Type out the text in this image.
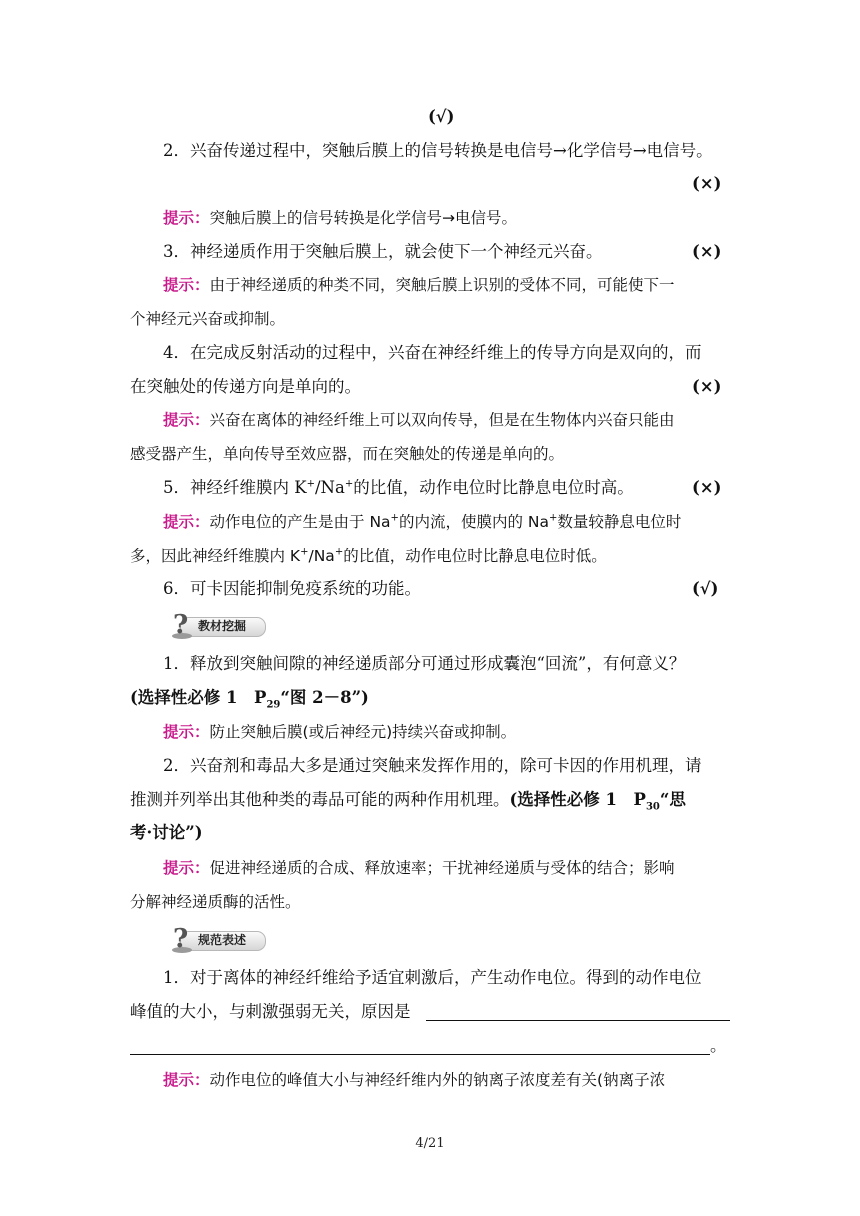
(√)
2．兴奋传递过程中，突触后膜上的信号转换是电信号→化学信号→电信号。
(×)
提示：突触后膜上的信号转换是化学信号→电信号。
3．神经递质作用于突触后膜上，就会使下一个神经元兴奋。	(×)
提示：由于神经递质的种类不同，突触后膜上识别的受体不同，可能使下一
个神经元兴奋或抑制。
4．在完成反射活动的过程中，兴奋在神经纤维上的传导方向是双向的，而
在突触处的传递方向是单向的。	(×)
提示：兴奋在离体的神经纤维上可以双向传导，但是在生物体内兴奋只能由
感受器产生，单向传导至效应器，而在突触处的传递是单向的。
5．神经纤维膜内 K+/Na+的比值，动作电位时比静息电位时高。	(×)
提示：动作电位的产生是由于 Na+的内流，使膜内的 Na+数量较静息电位时
多，因此神经纤维膜内 K+/Na+的比值，动作电位时比静息电位时低。
6．可卡因能抑制免疫系统的功能。	(√)
? 教材挖掘
1．释放到突触间隙的神经递质部分可通过形成囊泡“回流”，有何意义？
(选择性必修 1　$P_{29}“$图 2－8”)
提示：防止突触后膜(或后神经元)持续兴奋或抑制。
2．兴奋剂和毒品大多是通过突触来发挥作用的，除可卡因的作用机理，请
推测并列举出其他种类的毒品可能的两种作用机理。(选择性必修 1　$P_{30}“$思
考·讨论”)
提示：促进神经递质的合成、释放速率；干扰神经递质与受体的结合；影响
分解神经递质酶的活性。
? 规范表述
1．对于离体的神经纤维给予适宜刺激后，产生动作电位。得到的动作电位
峰值的大小，与刺激强弱无关，原因是
。
提示：动作电位的峰值大小与神经纤维内外的钠离子浓度差有关(钠离子浓
4/21
